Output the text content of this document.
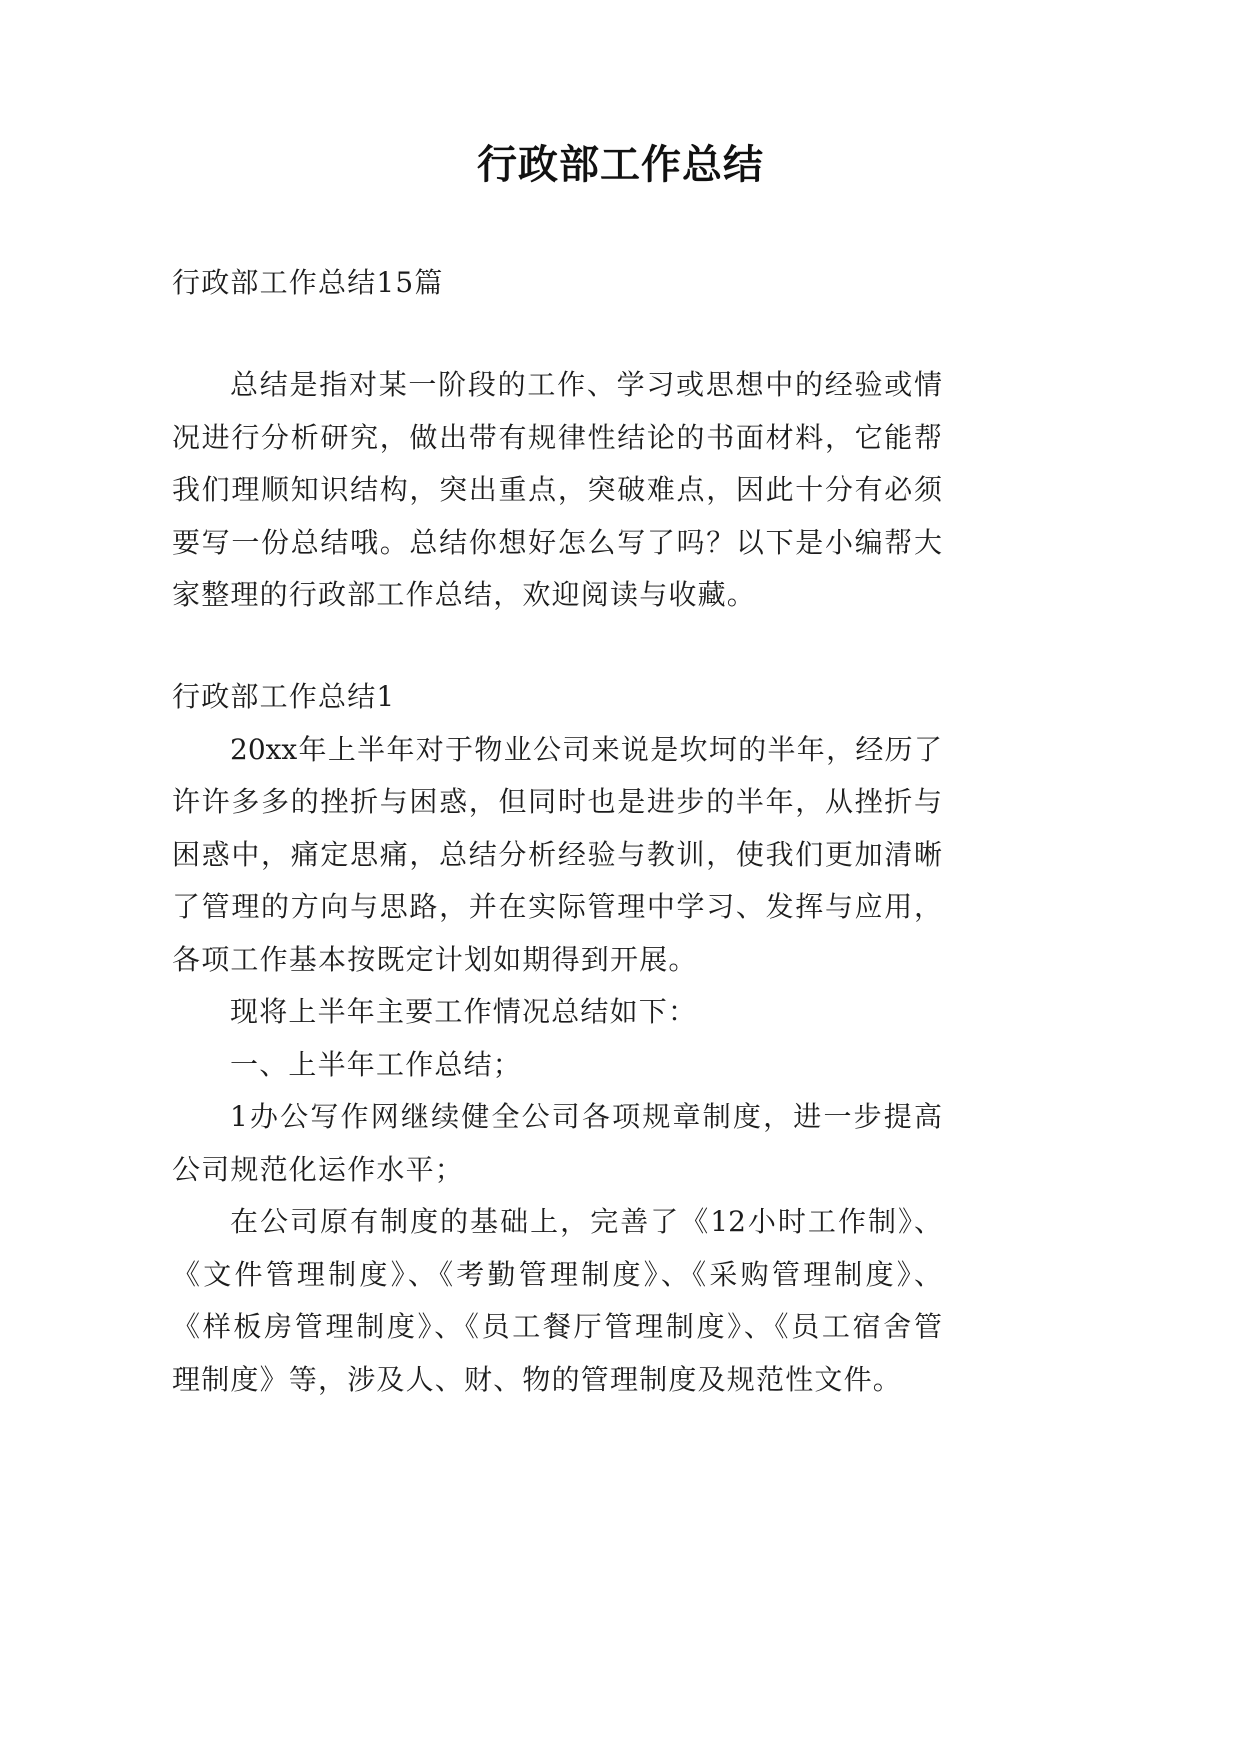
行政部工作总结
行政部工作总结15篇
总结是指对某一阶段的工作、学习或思想中的经验或情
况进行分析研究，做出带有规律性结论的书面材料，它能帮
我们理顺知识结构，突出重点，突破难点，因此十分有必须
要写一份总结哦。总结你想好怎么写了吗？以下是小编帮大
家整理的行政部工作总结，欢迎阅读与收藏。
行政部工作总结1
20xx年上半年对于物业公司来说是坎坷的半年，经历了
许许多多的挫折与困惑，但同时也是进步的半年，从挫折与
困惑中，痛定思痛，总结分析经验与教训，使我们更加清晰
了管理的方向与思路，并在实际管理中学习、发挥与应用，
各项工作基本按既定计划如期得到开展。
现将上半年主要工作情况总结如下：
一、上半年工作总结；
1办公写作网继续健全公司各项规章制度，进一步提高
公司规范化运作水平；
在公司原有制度的基础上，完善了《12小时工作制》、
《文件管理制度》、《考勤管理制度》、《采购管理制度》、
《样板房管理制度》、《员工餐厅管理制度》、《员工宿舍管
理制度》等，涉及人、财、物的管理制度及规范性文件。
